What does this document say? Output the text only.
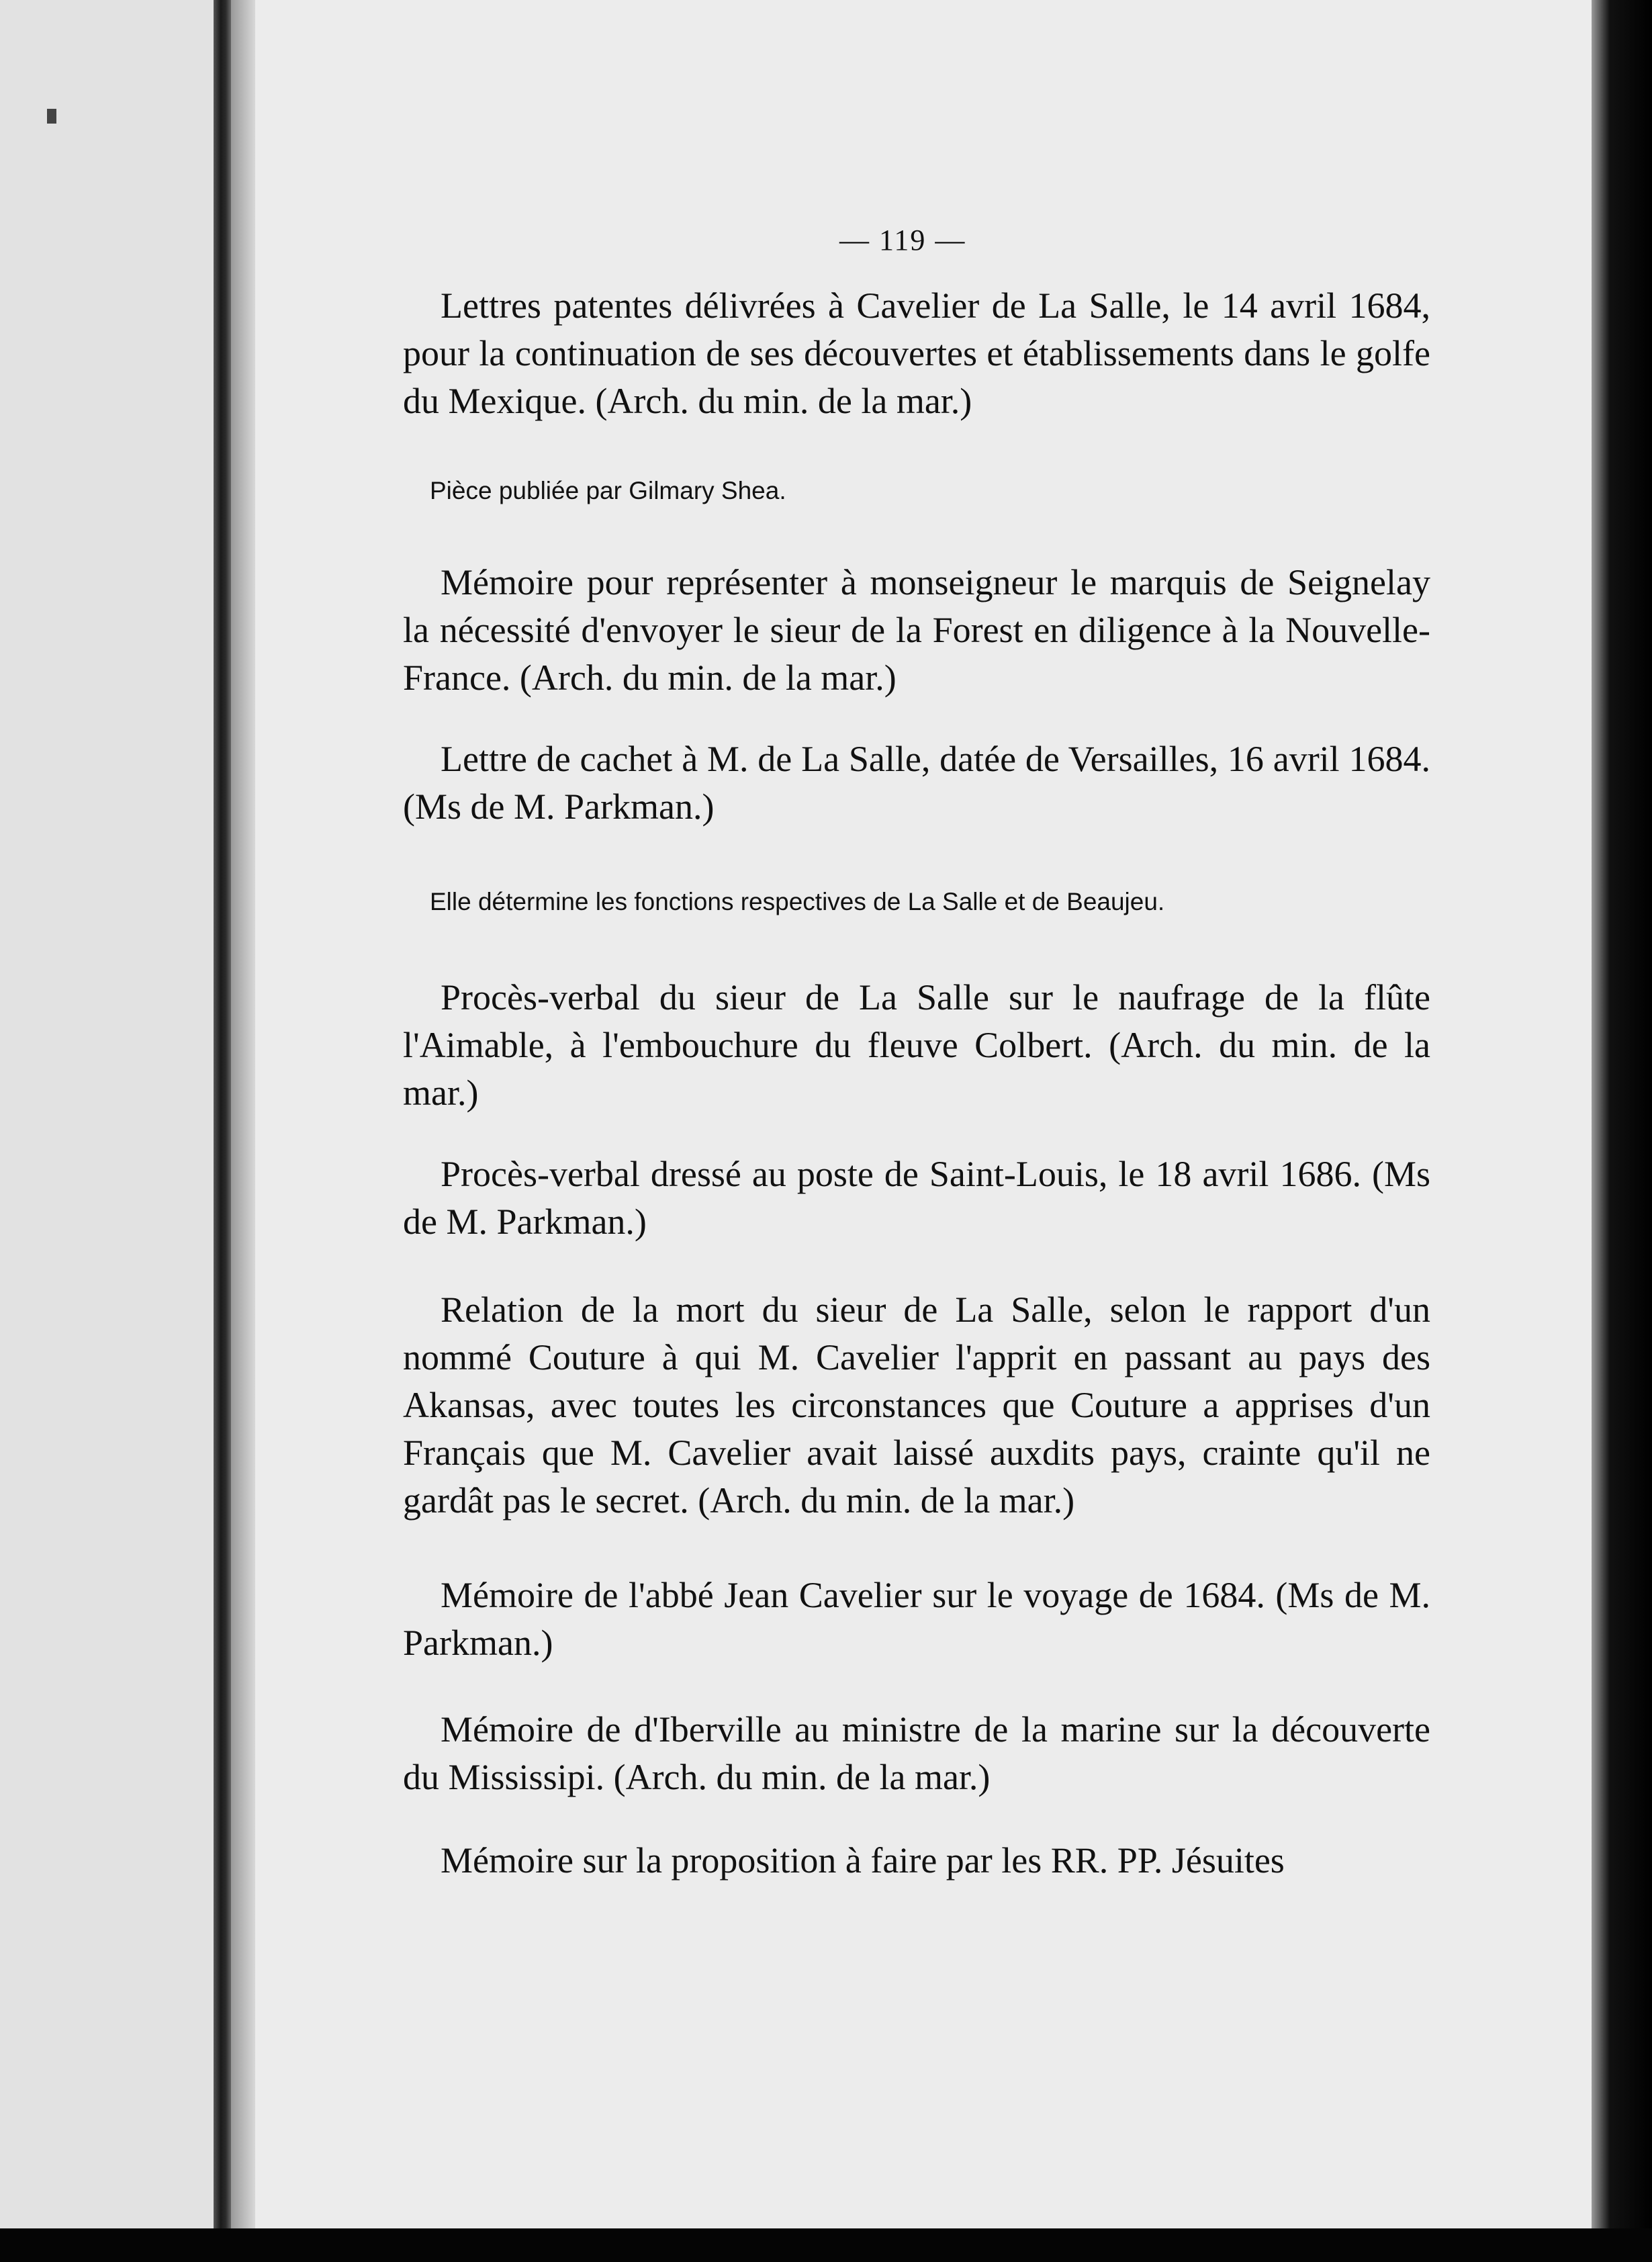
— 119 —
Lettres patentes délivrées à Cavelier de La Salle, le 14 avril 1684, pour la continuation de ses découvertes et établissements dans le golfe du Mexique. (Arch. du min. de la mar.)
Pièce publiée par Gilmary Shea.
Mémoire pour représenter à monseigneur le marquis de Seignelay la nécessité d'envoyer le sieur de la Forest en diligence à la Nouvelle-France. (Arch. du min. de la mar.)
Lettre de cachet à M. de La Salle, datée de Versailles, 16 avril 1684. (Ms de M. Parkman.)
Elle détermine les fonctions respectives de La Salle et de Beaujeu.
Procès-verbal du sieur de La Salle sur le naufrage de la flûte l'Aimable, à l'embouchure du fleuve Colbert. (Arch. du min. de la mar.)
Procès-verbal dressé au poste de Saint-Louis, le 18 avril 1686. (Ms de M. Parkman.)
Relation de la mort du sieur de La Salle, selon le rapport d'un nommé Couture à qui M. Cavelier l'apprit en passant au pays des Akansas, avec toutes les circonstances que Couture a apprises d'un Français que M. Cavelier avait laissé auxdits pays, crainte qu'il ne gardât pas le secret. (Arch. du min. de la mar.)
Mémoire de l'abbé Jean Cavelier sur le voyage de 1684. (Ms de M. Parkman.)
Mémoire de d'Iberville au ministre de la marine sur la découverte du Mississipi. (Arch. du min. de la mar.)
Mémoire sur la proposition à faire par les RR. PP. Jésuites
